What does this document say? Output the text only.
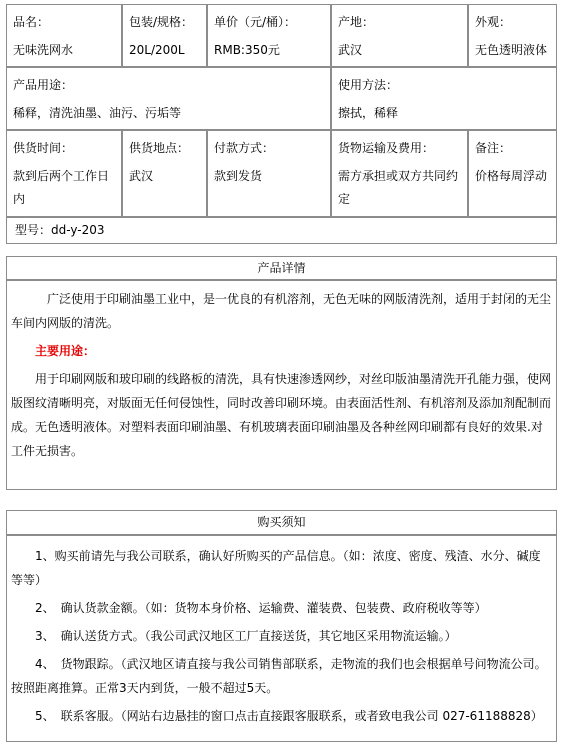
品名：
无味洗网水
包装/规格：
20L/200L
单价（元/桶）：
RMB:350元
产地：
武汉
外观：
无色透明液体
产品用途：
稀释，清洗油墨、油污、污垢等
使用方法：
擦拭，稀释
供货时间：
款到后两个工作日内
供货地点：
武汉
付款方式：
款到发货
货物运输及费用：
需方承担或双方共同约定
备注：
价格每周浮动
型号：dd-y-203
产品详情

广泛使用于印刷油墨工业中，是一优良的有机溶剂，无色无味的网版清洗剂，适用于封闭的无尘车间内网版的清洗。

主要用途：

用于印刷网版和玻印刷的线路板的清洗，具有快速渗透网纱，对丝印版油墨清洗开孔能力强，使网版图纹清晰明亮，对版面无任何侵蚀性，同时改善印刷环境。由表面活性剂、有机溶剂及添加剂配制而成。无色透明液体。对塑料表面印刷油墨、有机玻璃表面印刷油墨及各种丝网印刷都有良好的效果.对工件无损害。

购买须知

1、购买前请先与我公司联系，确认好所购买的产品信息。（如：浓度、密度、残渣、水分、碱度等等）

2、　确认货款金额。（如：货物本身价格、运输费、灌装费、包装费、政府税收等等）

3、　确认送货方式。（我公司武汉地区工厂直接送货，其它地区采用物流运输。）

4、　货物跟踪。（武汉地区请直接与我公司销售部联系，走物流的我们也会根据单号问物流公司。按照距离推算。正常3天内到货，一般不超过5天。

5、　联系客服。（网站右边悬挂的窗口点击直接跟客服联系，或者致电我公司 027-61188828）
